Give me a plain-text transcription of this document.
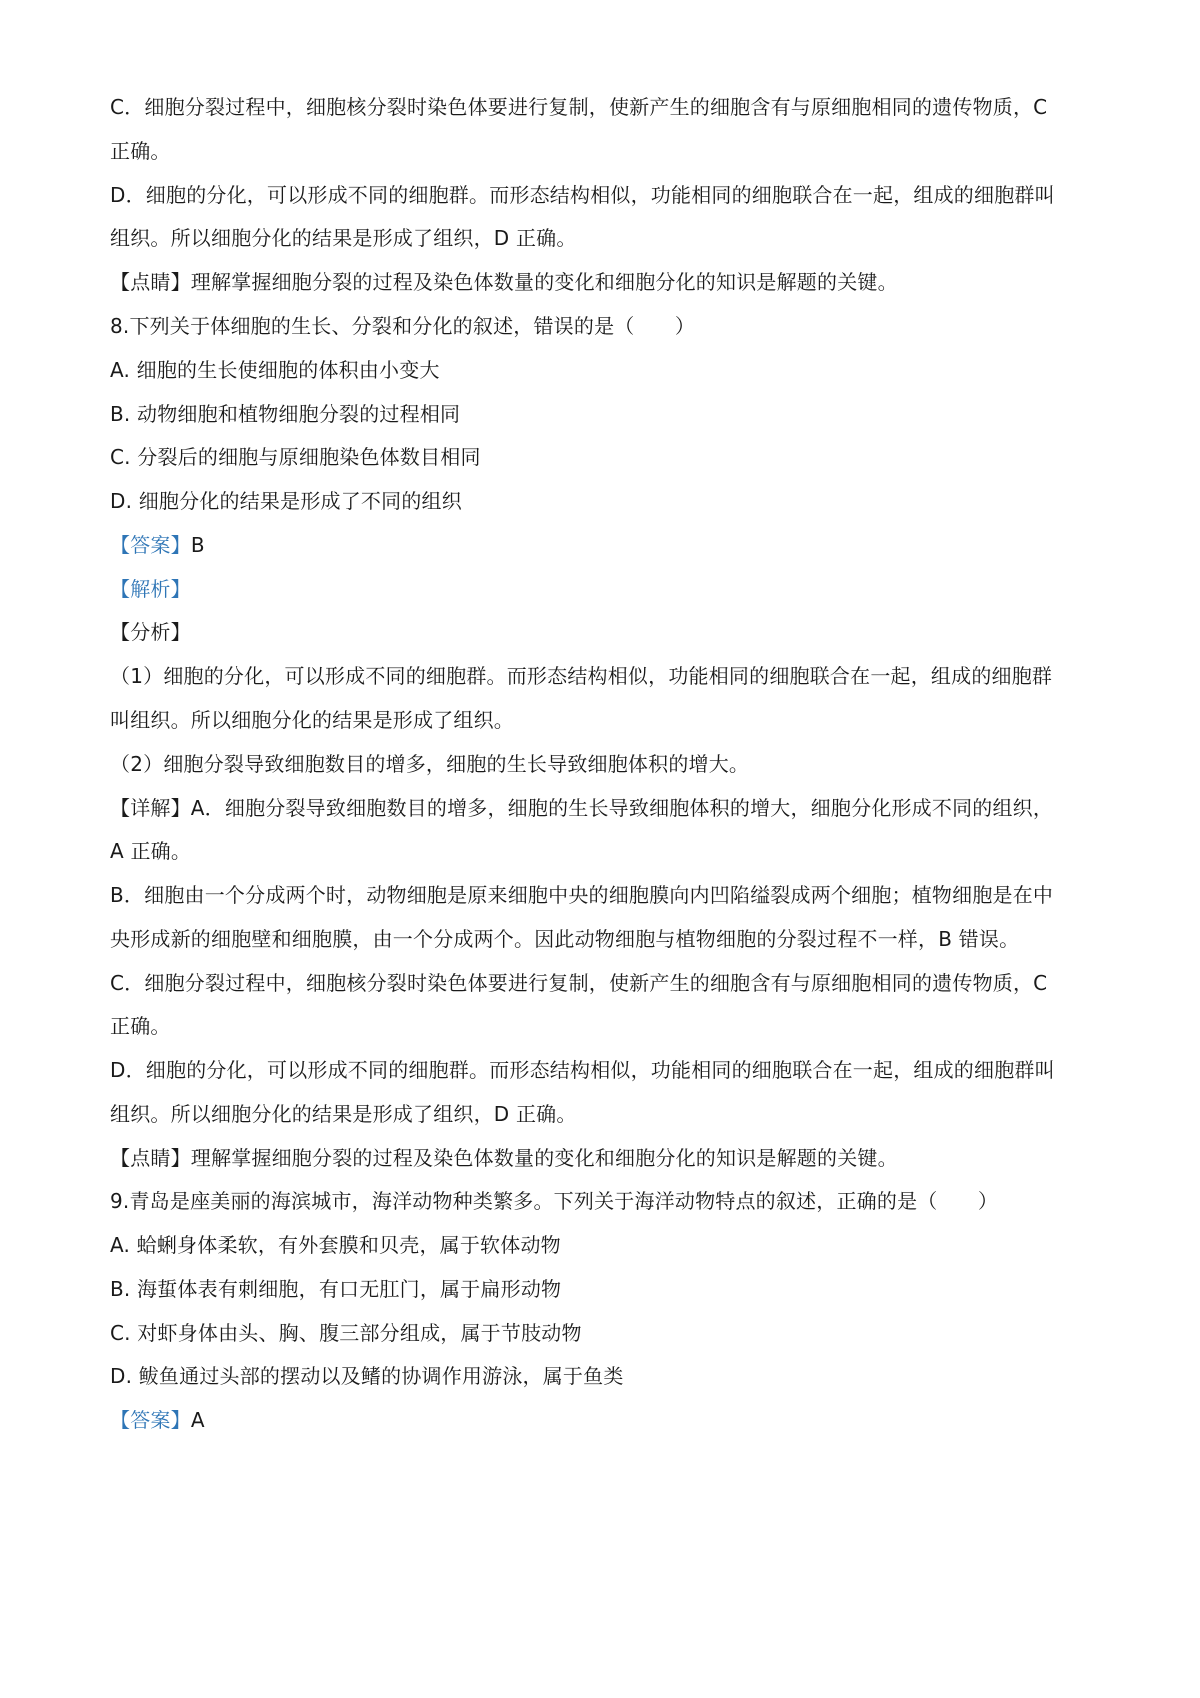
C．细胞分裂过程中，细胞核分裂时染色体要进行复制，使新产生的细胞含有与原细胞相同的遗传物质，C
正确。
D．细胞的分化，可以形成不同的细胞群。而形态结构相似，功能相同的细胞联合在一起，组成的细胞群叫
组织。所以细胞分化的结果是形成了组织，D 正确。
【点睛】理解掌握细胞分裂的过程及染色体数量的变化和细胞分化的知识是解题的关键。
8.下列关于体细胞的生长、分裂和分化的叙述，错误的是（　　）
A. 细胞的生长使细胞的体积由小变大
B. 动物细胞和植物细胞分裂的过程相同
C. 分裂后的细胞与原细胞染色体数目相同
D. 细胞分化的结果是形成了不同的组织
【答案】B
【解析】
【分析】
（1）细胞的分化，可以形成不同的细胞群。而形态结构相似，功能相同的细胞联合在一起，组成的细胞群
叫组织。所以细胞分化的结果是形成了组织。
（2）细胞分裂导致细胞数目的增多，细胞的生长导致细胞体积的增大。
【详解】A．细胞分裂导致细胞数目的增多，细胞的生长导致细胞体积的增大，细胞分化形成不同的组织，
A 正确。
B．细胞由一个分成两个时，动物细胞是原来细胞中央的细胞膜向内凹陷缢裂成两个细胞；植物细胞是在中
央形成新的细胞壁和细胞膜，由一个分成两个。因此动物细胞与植物细胞的分裂过程不一样，B 错误。
C．细胞分裂过程中，细胞核分裂时染色体要进行复制，使新产生的细胞含有与原细胞相同的遗传物质，C
正确。
D．细胞的分化，可以形成不同的细胞群。而形态结构相似，功能相同的细胞联合在一起，组成的细胞群叫
组织。所以细胞分化的结果是形成了组织，D 正确。
【点睛】理解掌握细胞分裂的过程及染色体数量的变化和细胞分化的知识是解题的关键。
9.青岛是座美丽的海滨城市，海洋动物种类繁多。下列关于海洋动物特点的叙述，正确的是（　　）
A. 蛤蜊身体柔软，有外套膜和贝壳，属于软体动物
B. 海蜇体表有刺细胞，有口无肛门，属于扁形动物
C. 对虾身体由头、胸、腹三部分组成，属于节肢动物
D. 鲅鱼通过头部的摆动以及鳍的协调作用游泳，属于鱼类
【答案】A
